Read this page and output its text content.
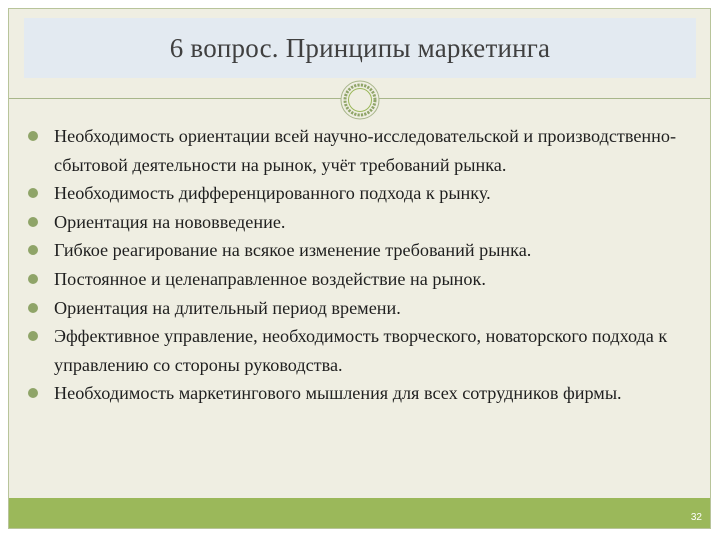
6 вопрос. Принципы маркетинга
Необходимость ориентации всей научно-исследовательской и производственно-сбытовой деятельности на рынок, учёт требований рынка.
Необходимость дифференцированного подхода к рынку.
Ориентация на нововведение.
Гибкое реагирование на всякое изменение требований рынка.
Постоянное и целенаправленное воздействие на рынок.
Ориентация на длительный период времени.
Эффективное управление, необходимость творческого, новаторского подхода к управлению со стороны руководства.
Необходимость маркетингового мышления для всех сотрудников фирмы.
32
